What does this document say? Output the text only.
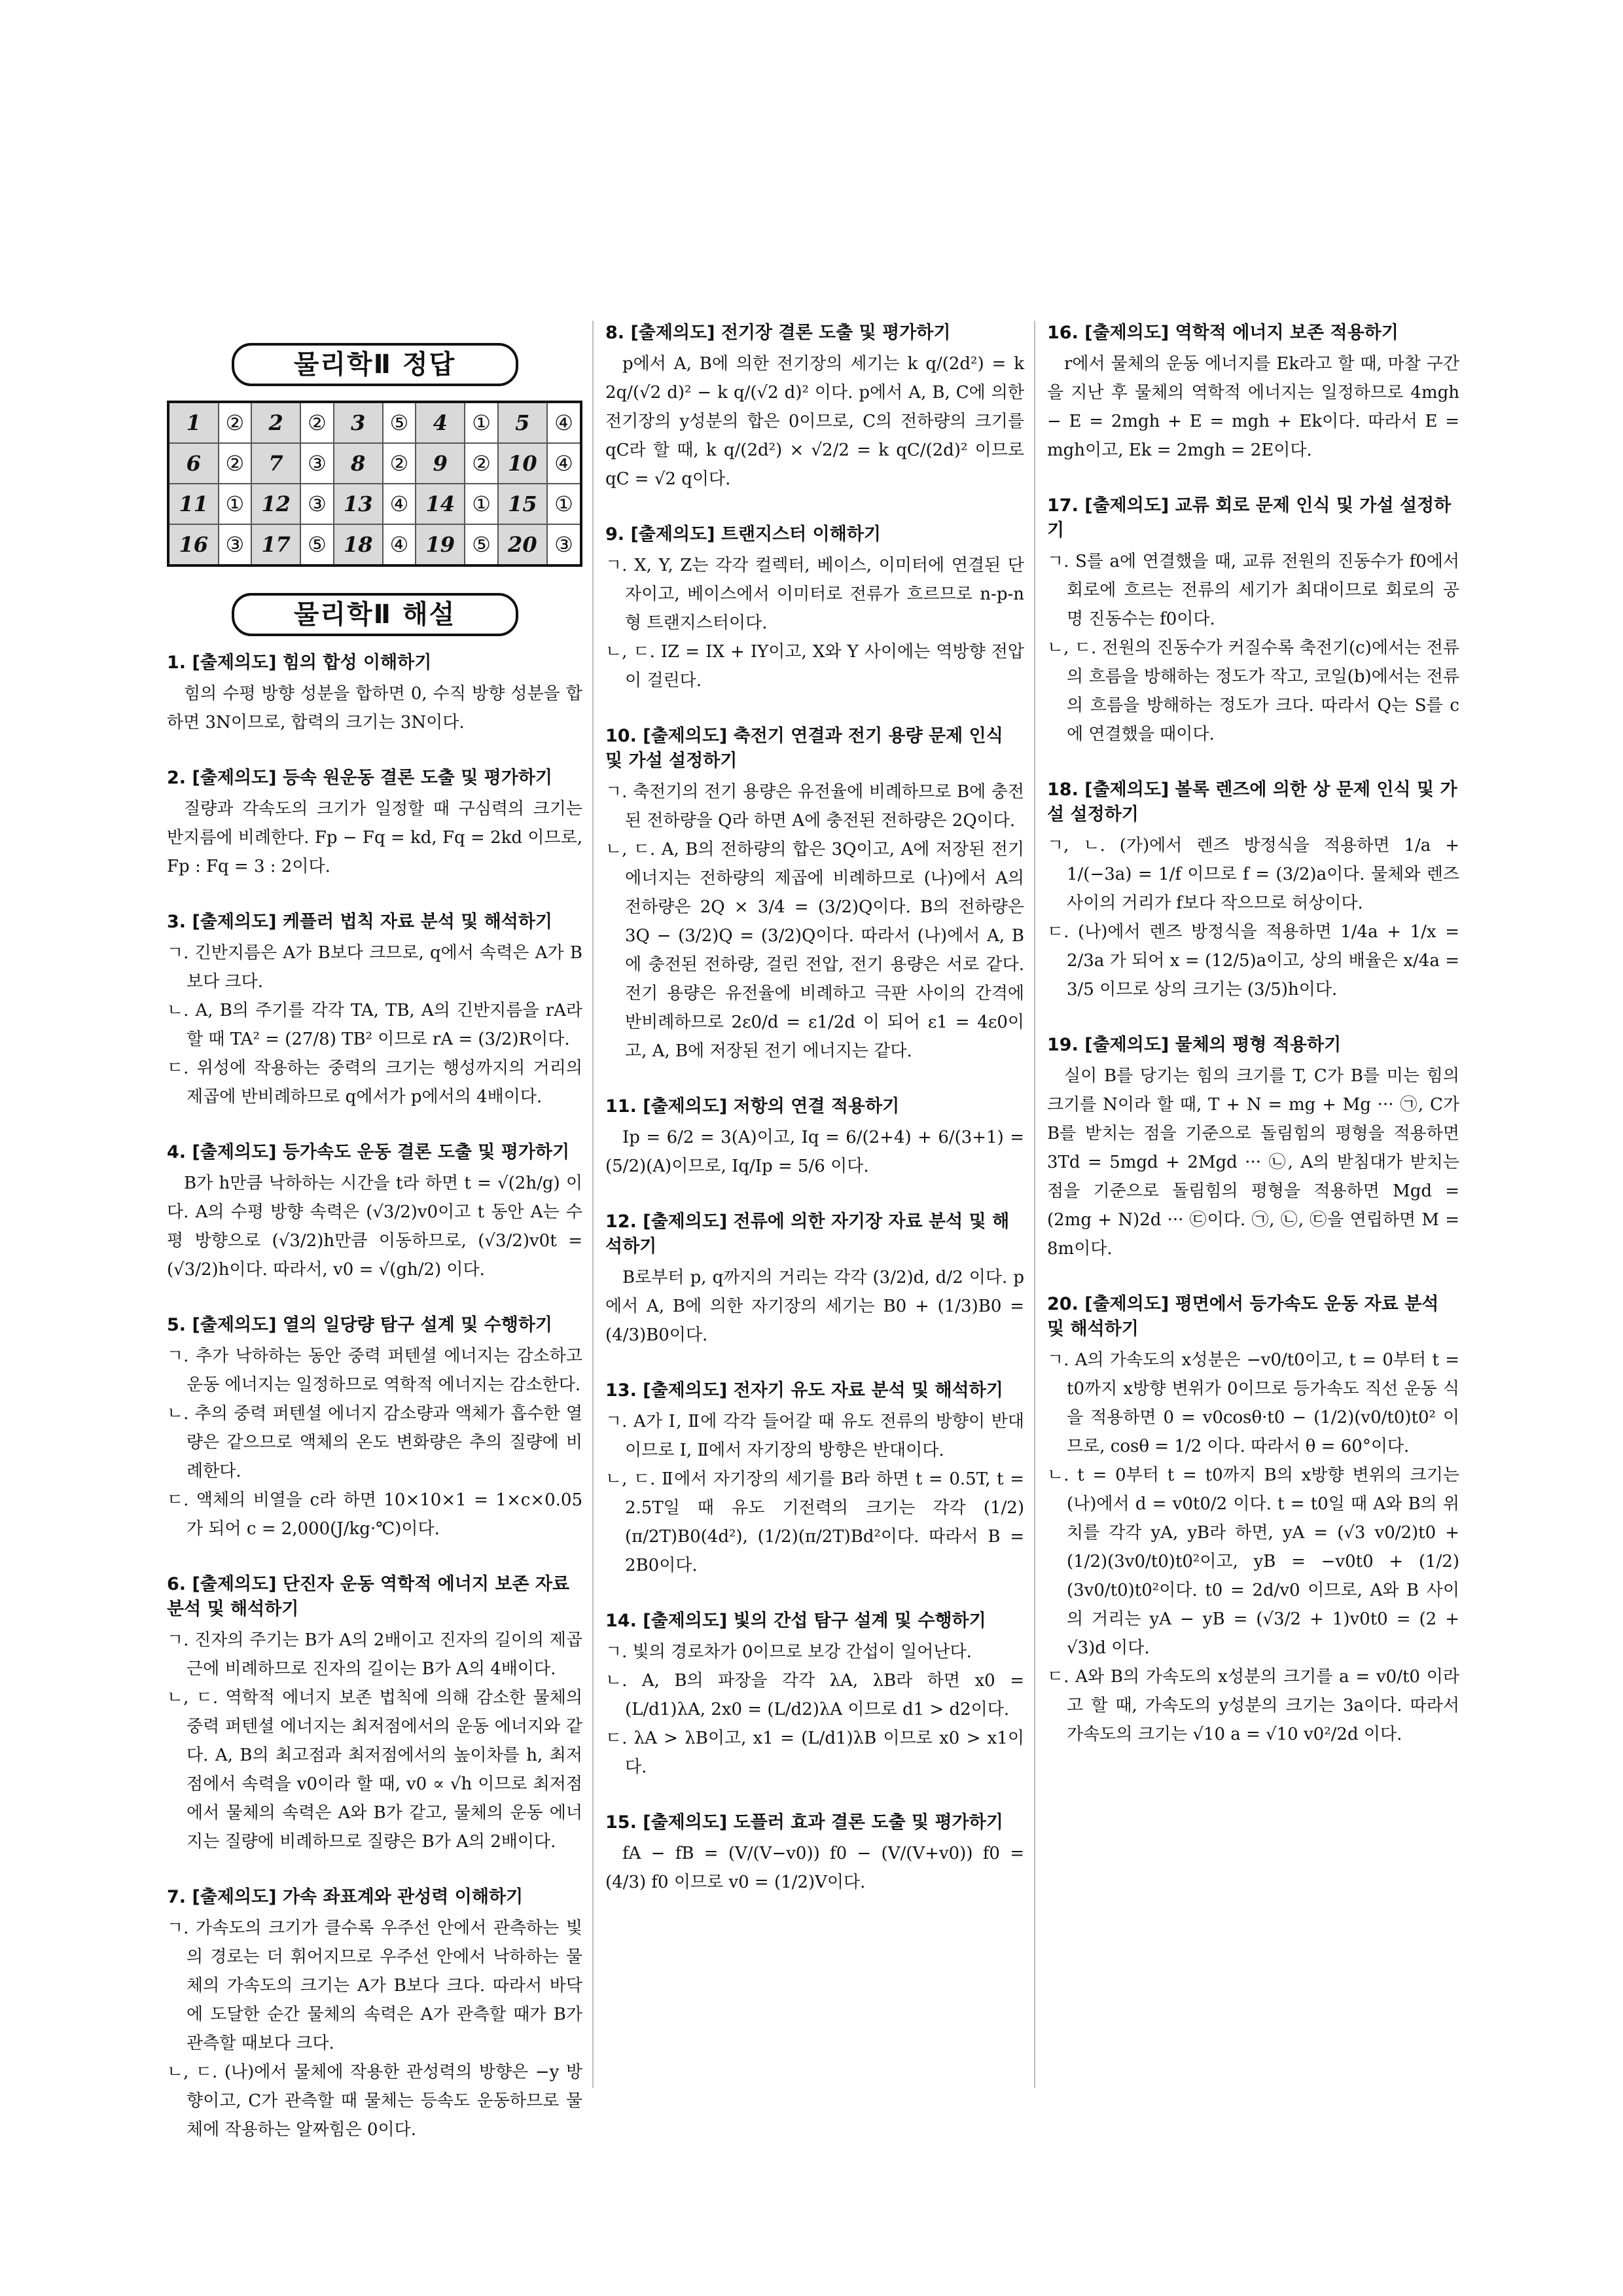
물리학Ⅱ 정답
1	②	2	②	3	⑤	4	①	5	④
6	②	7	③	8	②	9	②	10	④
11	①	12	③	13	④	14	①	15	①
16	③	17	⑤	18	④	19	⑤	20	③
물리학Ⅱ 해설
1. [출제의도] 힘의 합성 이해하기

힘의 수평 방향 성분을 합하면 0, 수직 방향 성분을 합하면 3N이므로, 합력의 크기는 3N이다.

2. [출제의도] 등속 원운동 결론 도출 및 평가하기

질량과 각속도의 크기가 일정할 때 구심력의 크기는 반지름에 비례한다. Fp − Fq = kd, Fq = 2kd 이므로, Fp : Fq = 3 : 2이다.

3. [출제의도] 케플러 법칙 자료 분석 및 해석하기

ㄱ. 긴반지름은 A가 B보다 크므로, q에서 속력은 A가 B보다 크다.

ㄴ. A, B의 주기를 각각 TA, TB, A의 긴반지름을 rA라 할 때 TA² = (27/8) TB² 이므로 rA = (3/2)R이다.

ㄷ. 위성에 작용하는 중력의 크기는 행성까지의 거리의 제곱에 반비례하므로 q에서가 p에서의 4배이다.

4. [출제의도] 등가속도 운동 결론 도출 및 평가하기

B가 h만큼 낙하하는 시간을 t라 하면 t = √(2h/g) 이다. A의 수평 방향 속력은 (√3/2)v0이고 t 동안 A는 수평 방향으로 (√3/2)h만큼 이동하므로, (√3/2)v0t = (√3/2)h이다. 따라서, v0 = √(gh/2) 이다.

5. [출제의도] 열의 일당량 탐구 설계 및 수행하기

ㄱ. 추가 낙하하는 동안 중력 퍼텐셜 에너지는 감소하고 운동 에너지는 일정하므로 역학적 에너지는 감소한다.

ㄴ. 추의 중력 퍼텐셜 에너지 감소량과 액체가 흡수한 열량은 같으므로 액체의 온도 변화량은 추의 질량에 비례한다.

ㄷ. 액체의 비열을 c라 하면 10×10×1 = 1×c×0.05가 되어 c = 2,000(J/kg·℃)이다.

6. [출제의도] 단진자 운동 역학적 에너지 보존 자료 분석 및 해석하기

ㄱ. 진자의 주기는 B가 A의 2배이고 진자의 길이의 제곱근에 비례하므로 진자의 길이는 B가 A의 4배이다.

ㄴ, ㄷ. 역학적 에너지 보존 법칙에 의해 감소한 물체의 중력 퍼텐셜 에너지는 최저점에서의 운동 에너지와 같다. A, B의 최고점과 최저점에서의 높이차를 h, 최저점에서 속력을 v0이라 할 때, v0 ∝ √h 이므로 최저점에서 물체의 속력은 A와 B가 같고, 물체의 운동 에너지는 질량에 비례하므로 질량은 B가 A의 2배이다.

7. [출제의도] 가속 좌표계와 관성력 이해하기

ㄱ. 가속도의 크기가 클수록 우주선 안에서 관측하는 빛의 경로는 더 휘어지므로 우주선 안에서 낙하하는 물체의 가속도의 크기는 A가 B보다 크다. 따라서 바닥에 도달한 순간 물체의 속력은 A가 관측할 때가 B가 관측할 때보다 크다.

ㄴ, ㄷ. (나)에서 물체에 작용한 관성력의 방향은 −y 방향이고, C가 관측할 때 물체는 등속도 운동하므로 물체에 작용하는 알짜힘은 0이다.

8. [출제의도] 전기장 결론 도출 및 평가하기

p에서 A, B에 의한 전기장의 세기는 k q/(2d²) = k 2q/(√2 d)² − k q/(√2 d)² 이다. p에서 A, B, C에 의한 전기장의 y성분의 합은 0이므로, C의 전하량의 크기를 qC라 할 때, k q/(2d²) × √2/2 = k qC/(2d)² 이므로 qC = √2 q이다.

9. [출제의도] 트랜지스터 이해하기

ㄱ. X, Y, Z는 각각 컬렉터, 베이스, 이미터에 연결된 단자이고, 베이스에서 이미터로 전류가 흐르므로 n-p-n형 트랜지스터이다.

ㄴ, ㄷ. IZ = IX + IY이고, X와 Y 사이에는 역방향 전압이 걸린다.

10. [출제의도] 축전기 연결과 전기 용량 문제 인식 및 가설 설정하기

ㄱ. 축전기의 전기 용량은 유전율에 비례하므로 B에 충전된 전하량을 Q라 하면 A에 충전된 전하량은 2Q이다.

ㄴ, ㄷ. A, B의 전하량의 합은 3Q이고, A에 저장된 전기 에너지는 전하량의 제곱에 비례하므로 (나)에서 A의 전하량은 2Q × 3/4 = (3/2)Q이다. B의 전하량은 3Q − (3/2)Q = (3/2)Q이다. 따라서 (나)에서 A, B에 충전된 전하량, 걸린 전압, 전기 용량은 서로 같다. 전기 용량은 유전율에 비례하고 극판 사이의 간격에 반비례하므로 2ε0/d = ε1/2d 이 되어 ε1 = 4ε0이고, A, B에 저장된 전기 에너지는 같다.

11. [출제의도] 저항의 연결 적용하기

Ip = 6/2 = 3(A)이고, Iq = 6/(2+4) + 6/(3+1) = (5/2)(A)이므로, Iq/Ip = 5/6 이다.

12. [출제의도] 전류에 의한 자기장 자료 분석 및 해석하기

B로부터 p, q까지의 거리는 각각 (3/2)d, d/2 이다. p에서 A, B에 의한 자기장의 세기는 B0 + (1/3)B0 = (4/3)B0이다.

13. [출제의도] 전자기 유도 자료 분석 및 해석하기

ㄱ. A가 Ⅰ, Ⅱ에 각각 들어갈 때 유도 전류의 방향이 반대이므로 Ⅰ, Ⅱ에서 자기장의 방향은 반대이다.

ㄴ, ㄷ. Ⅱ에서 자기장의 세기를 B라 하면 t = 0.5T, t = 2.5T일 때 유도 기전력의 크기는 각각 (1/2)(π/2T)B0(4d²), (1/2)(π/2T)Bd²이다. 따라서 B = 2B0이다.

14. [출제의도] 빛의 간섭 탐구 설계 및 수행하기

ㄱ. 빛의 경로차가 0이므로 보강 간섭이 일어난다.

ㄴ. A, B의 파장을 각각 λA, λB라 하면 x0 = (L/d1)λA, 2x0 = (L/d2)λA 이므로 d1 > d2이다.

ㄷ. λA > λB이고, x1 = (L/d1)λB 이므로 x0 > x1이다.

15. [출제의도] 도플러 효과 결론 도출 및 평가하기

fA − fB = (V/(V−v0)) f0 − (V/(V+v0)) f0 = (4/3) f0 이므로 v0 = (1/2)V이다.

16. [출제의도] 역학적 에너지 보존 적용하기

r에서 물체의 운동 에너지를 Ek라고 할 때, 마찰 구간을 지난 후 물체의 역학적 에너지는 일정하므로 4mgh − E = 2mgh + E = mgh + Ek이다. 따라서 E = mgh이고, Ek = 2mgh = 2E이다.

17. [출제의도] 교류 회로 문제 인식 및 가설 설정하기

ㄱ. S를 a에 연결했을 때, 교류 전원의 진동수가 f0에서 회로에 흐르는 전류의 세기가 최대이므로 회로의 공명 진동수는 f0이다.

ㄴ, ㄷ. 전원의 진동수가 커질수록 축전기(c)에서는 전류의 흐름을 방해하는 정도가 작고, 코일(b)에서는 전류의 흐름을 방해하는 정도가 크다. 따라서 Q는 S를 c에 연결했을 때이다.

18. [출제의도] 볼록 렌즈에 의한 상 문제 인식 및 가설 설정하기

ㄱ, ㄴ. (가)에서 렌즈 방정식을 적용하면 1/a + 1/(−3a) = 1/f 이므로 f = (3/2)a이다. 물체와 렌즈 사이의 거리가 f보다 작으므로 허상이다.

ㄷ. (나)에서 렌즈 방정식을 적용하면 1/4a + 1/x = 2/3a 가 되어 x = (12/5)a이고, 상의 배율은 x/4a = 3/5 이므로 상의 크기는 (3/5)h이다.

19. [출제의도] 물체의 평형 적용하기

실이 B를 당기는 힘의 크기를 T, C가 B를 미는 힘의 크기를 N이라 할 때, T + N = mg + Mg ··· ㉠, C가 B를 받치는 점을 기준으로 돌림힘의 평형을 적용하면 3Td = 5mgd + 2Mgd ··· ㉡, A의 받침대가 받치는 점을 기준으로 돌림힘의 평형을 적용하면 Mgd = (2mg + N)2d ··· ㉢이다. ㉠, ㉡, ㉢을 연립하면 M = 8m이다.

20. [출제의도] 평면에서 등가속도 운동 자료 분석 및 해석하기

ㄱ. A의 가속도의 x성분은 −v0/t0이고, t = 0부터 t = t0까지 x방향 변위가 0이므로 등가속도 직선 운동 식을 적용하면 0 = v0cosθ·t0 − (1/2)(v0/t0)t0² 이므로, cosθ = 1/2 이다. 따라서 θ = 60°이다.

ㄴ. t = 0부터 t = t0까지 B의 x방향 변위의 크기는 (나)에서 d = v0t0/2 이다. t = t0일 때 A와 B의 위치를 각각 yA, yB라 하면, yA = (√3 v0/2)t0 + (1/2)(3v0/t0)t0²이고, yB = −v0t0 + (1/2)(3v0/t0)t0²이다. t0 = 2d/v0 이므로, A와 B 사이의 거리는 yA − yB = (√3/2 + 1)v0t0 = (2 + √3)d 이다.

ㄷ. A와 B의 가속도의 x성분의 크기를 a = v0/t0 이라고 할 때, 가속도의 y성분의 크기는 3a이다. 따라서 가속도의 크기는 √10 a = √10 v0²/2d 이다.
